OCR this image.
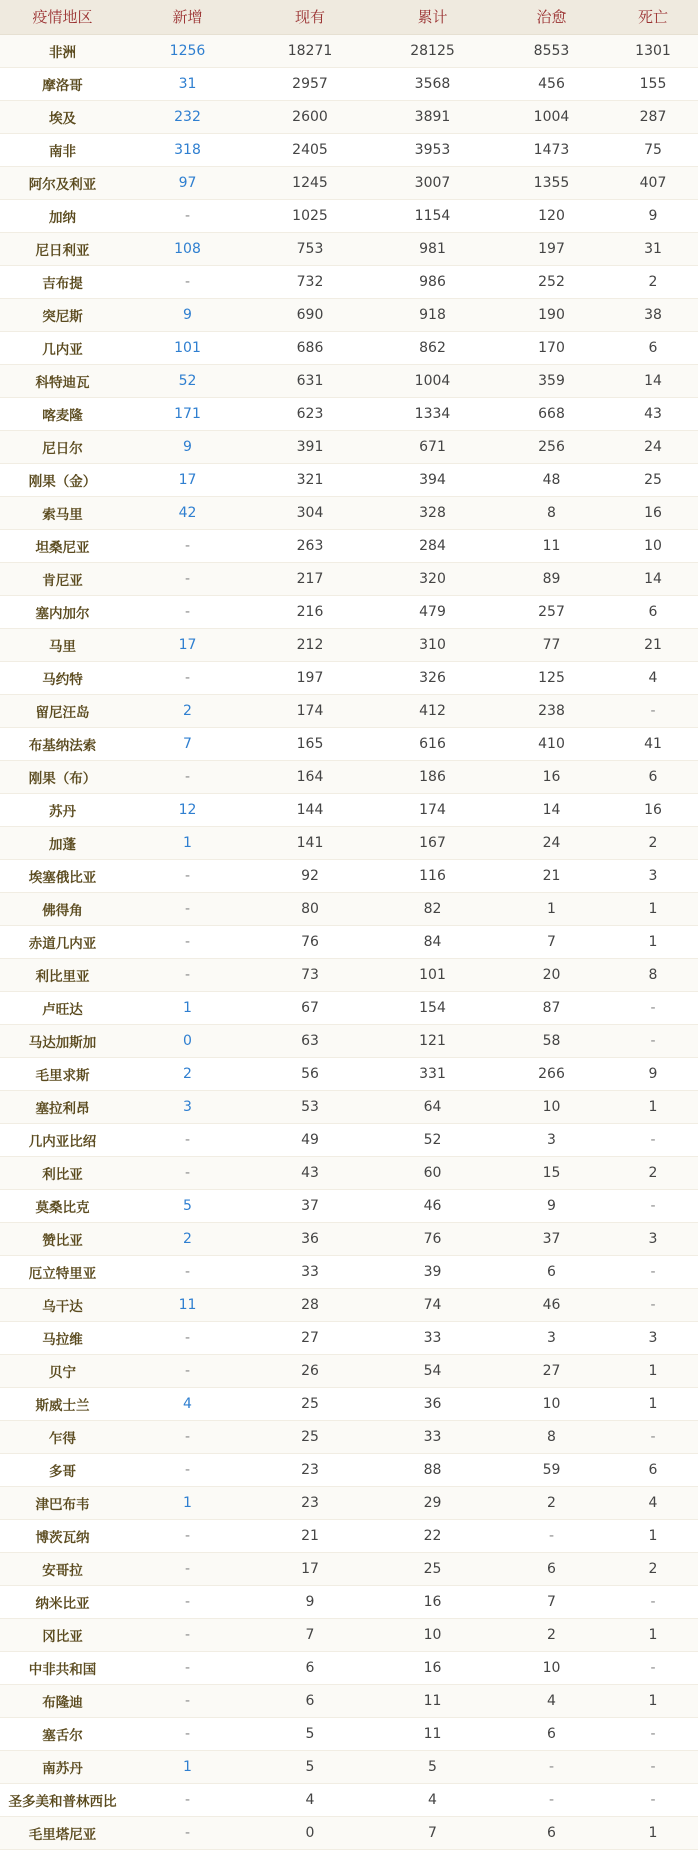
疫情地区	新增	现有	累计	治愈	死亡
非洲	1256	18271	28125	8553	1301
摩洛哥	31	2957	3568	456	155
埃及	232	2600	3891	1004	287
南非	318	2405	3953	1473	75
阿尔及利亚	97	1245	3007	1355	407
加纳	-	1025	1154	120	9
尼日利亚	108	753	981	197	31
吉布提	-	732	986	252	2
突尼斯	9	690	918	190	38
几内亚	101	686	862	170	6
科特迪瓦	52	631	1004	359	14
喀麦隆	171	623	1334	668	43
尼日尔	9	391	671	256	24
刚果（金）	17	321	394	48	25
索马里	42	304	328	8	16
坦桑尼亚	-	263	284	11	10
肯尼亚	-	217	320	89	14
塞内加尔	-	216	479	257	6
马里	17	212	310	77	21
马约特	-	197	326	125	4
留尼汪岛	2	174	412	238	-
布基纳法索	7	165	616	410	41
刚果（布）	-	164	186	16	6
苏丹	12	144	174	14	16
加蓬	1	141	167	24	2
埃塞俄比亚	-	92	116	21	3
佛得角	-	80	82	1	1
赤道几内亚	-	76	84	7	1
利比里亚	-	73	101	20	8
卢旺达	1	67	154	87	-
马达加斯加	0	63	121	58	-
毛里求斯	2	56	331	266	9
塞拉利昂	3	53	64	10	1
几内亚比绍	-	49	52	3	-
利比亚	-	43	60	15	2
莫桑比克	5	37	46	9	-
赞比亚	2	36	76	37	3
厄立特里亚	-	33	39	6	-
乌干达	11	28	74	46	-
马拉维	-	27	33	3	3
贝宁	-	26	54	27	1
斯威士兰	4	25	36	10	1
乍得	-	25	33	8	-
多哥	-	23	88	59	6
津巴布韦	1	23	29	2	4
博茨瓦纳	-	21	22	-	1
安哥拉	-	17	25	6	2
纳米比亚	-	9	16	7	-
冈比亚	-	7	10	2	1
中非共和国	-	6	16	10	-
布隆迪	-	6	11	4	1
塞舌尔	-	5	11	6	-
南苏丹	1	5	5	-	-
圣多美和普林西比	-	4	4	-	-
毛里塔尼亚	-	0	7	6	1
